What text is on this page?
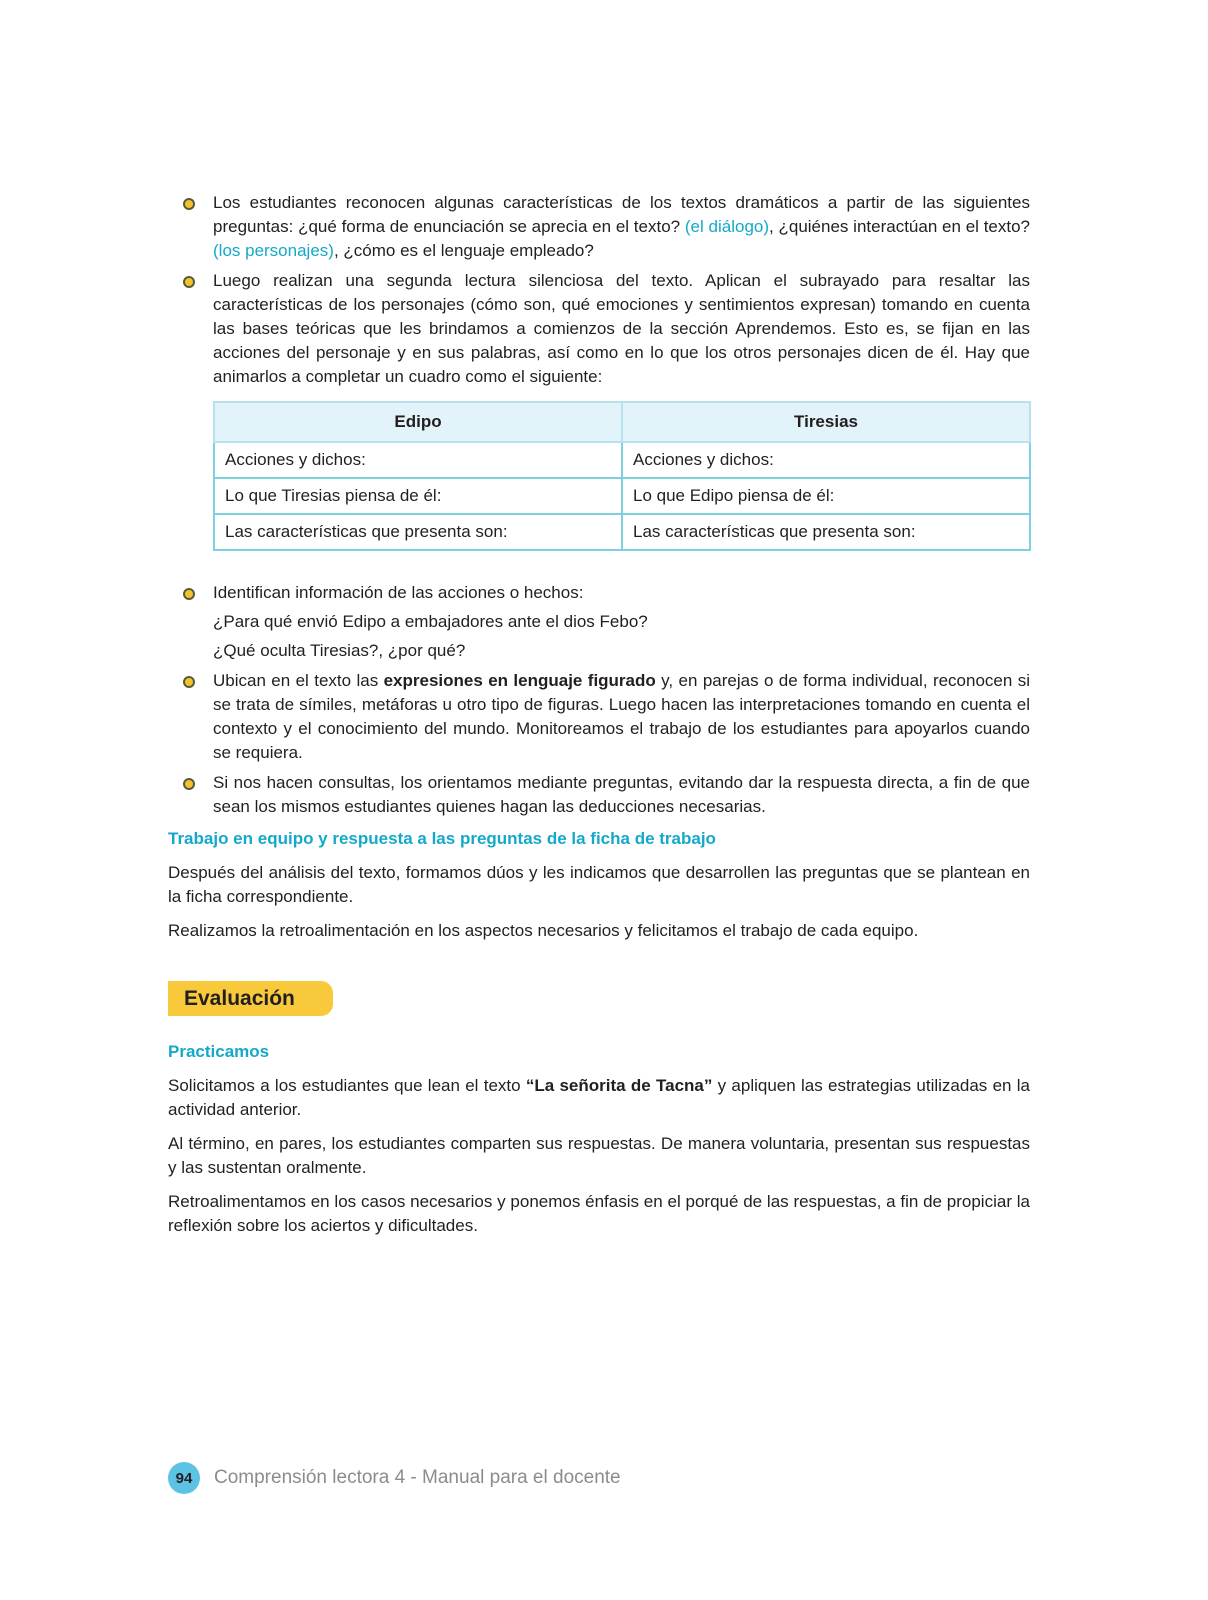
Los estudiantes reconocen algunas características de los textos dramáticos a partir de las siguientes preguntas: ¿qué forma de enunciación se aprecia en el texto? (el diálogo), ¿quiénes interactúan en el texto? (los personajes), ¿cómo es el lenguaje empleado?
Luego realizan una segunda lectura silenciosa del texto. Aplican el subrayado para resaltar las características de los personajes (cómo son, qué emociones y sentimientos expresan) tomando en cuenta las bases teóricas que les brindamos a comienzos de la sección Aprendemos. Esto es, se fijan en las acciones del personaje y en sus palabras, así como en lo que los otros personajes dicen de él. Hay que animarlos a completar un cuadro como el siguiente:
Edipo	Tiresias
Acciones y dichos:	Acciones y dichos:
Lo que Tiresias piensa de él:	Lo que Edipo piensa de él:
Las características que presenta son:	Las características que presenta son:
Identifican información de las acciones o hechos:
¿Para qué envió Edipo a embajadores ante el dios Febo?
¿Qué oculta Tiresias?, ¿por qué?
Ubican en el texto las expresiones en lenguaje figurado y, en parejas o de forma individual, reconocen si se trata de símiles, metáforas u otro tipo de figuras. Luego hacen las interpretaciones tomando en cuenta el contexto y el conocimiento del mundo. Monitoreamos el trabajo de los estudiantes para apoyarlos cuando se requiera.
Si nos hacen consultas, los orientamos mediante preguntas, evitando dar la respuesta directa, a fin de que sean los mismos estudiantes quienes hagan las deducciones necesarias.
Trabajo en equipo y respuesta a las preguntas de la ficha de trabajo

Después del análisis del texto, formamos dúos y les indicamos que desarrollen las preguntas que se plantean en la ficha correspondiente.

Realizamos la retroalimentación en los aspectos necesarios y felicitamos el trabajo de cada equipo.

Evaluación
Practicamos

Solicitamos a los estudiantes que lean el texto “La señorita de Tacna” y apliquen las estrategias utilizadas en la actividad anterior.

Al término, en pares, los estudiantes comparten sus respuestas. De manera voluntaria, presentan sus respuestas y las sustentan oralmente.

Retroalimentamos en los casos necesarios y ponemos énfasis en el porqué de las respuestas, a fin de propiciar la reflexión sobre los aciertos y dificultades.

94	Comprensión lectora 4 - Manual para el docente
